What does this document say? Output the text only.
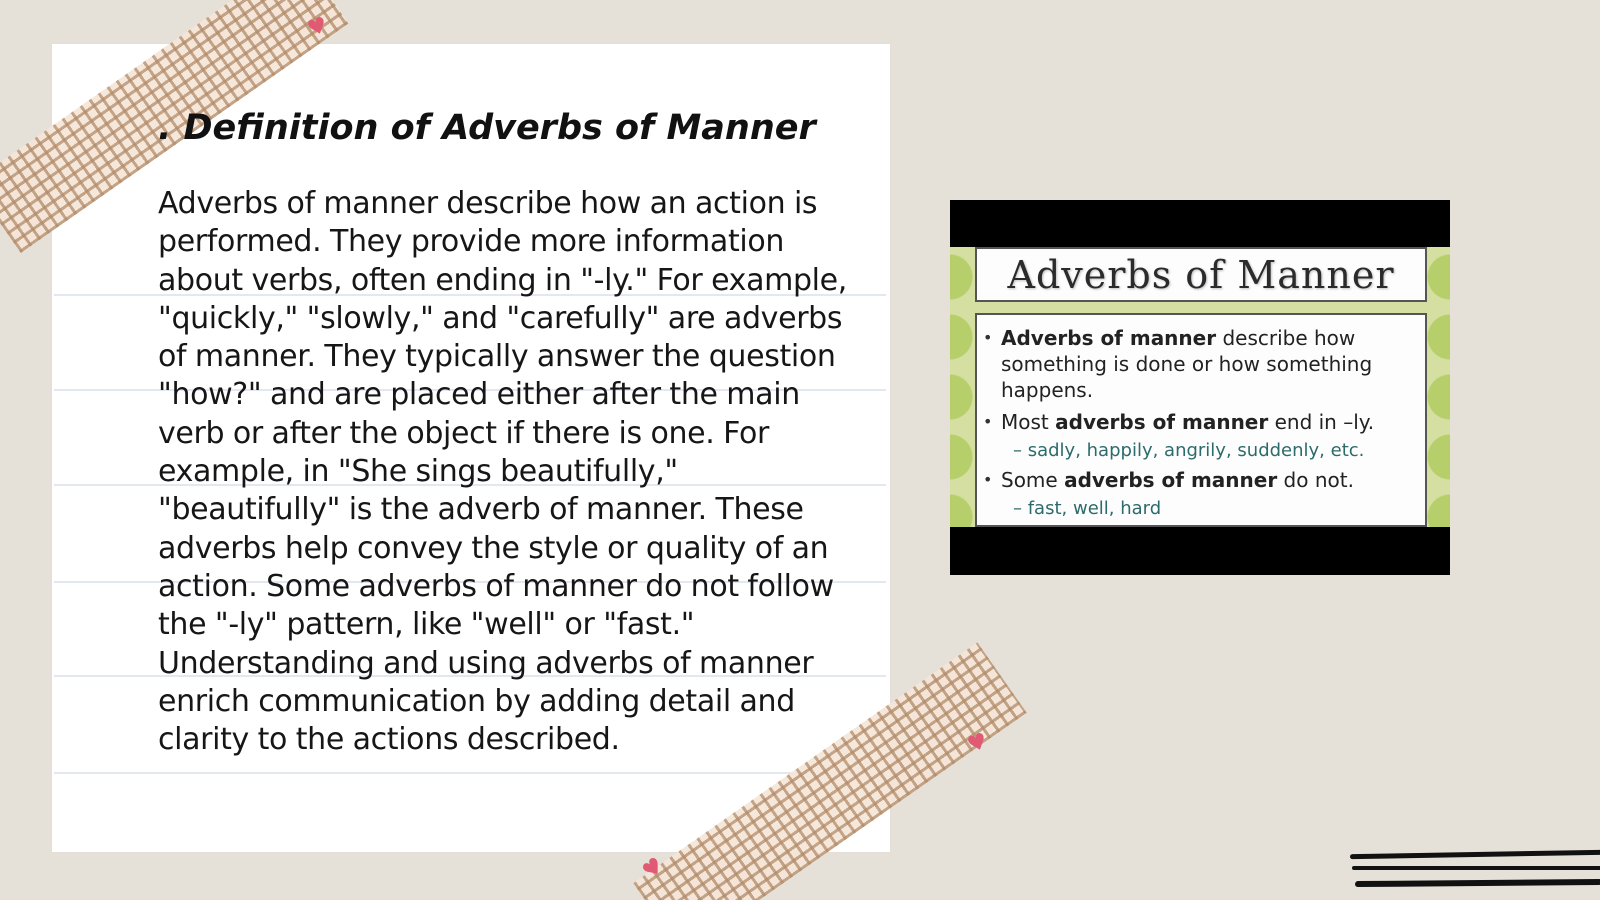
♥
♥
♥
. Definition of Adverbs of Manner

Adverbs of manner describe how an action is performed. They provide more information about verbs, often ending in "-ly." For example, "quickly," "slowly," and "carefully" are adverbs of manner. They typically answer the question "how?" and are placed either after the main verb or after the object if there is one. For example, in "She sings beautifully," "beautifully" is the adverb of manner. These adverbs help convey the style or quality of an action. Some adverbs of manner do not follow the "-ly" pattern, like "well" or "fast." Understanding and using adverbs of manner enrich communication by adding detail and clarity to the actions described.

Adverbs of Manner
• Adverbs of manner describe how something is done or how something happens.
• Most adverbs of manner end in –ly.
– sadly, happily, angrily, suddenly, etc.
• Some adverbs of manner do not.
– fast, well, hard
